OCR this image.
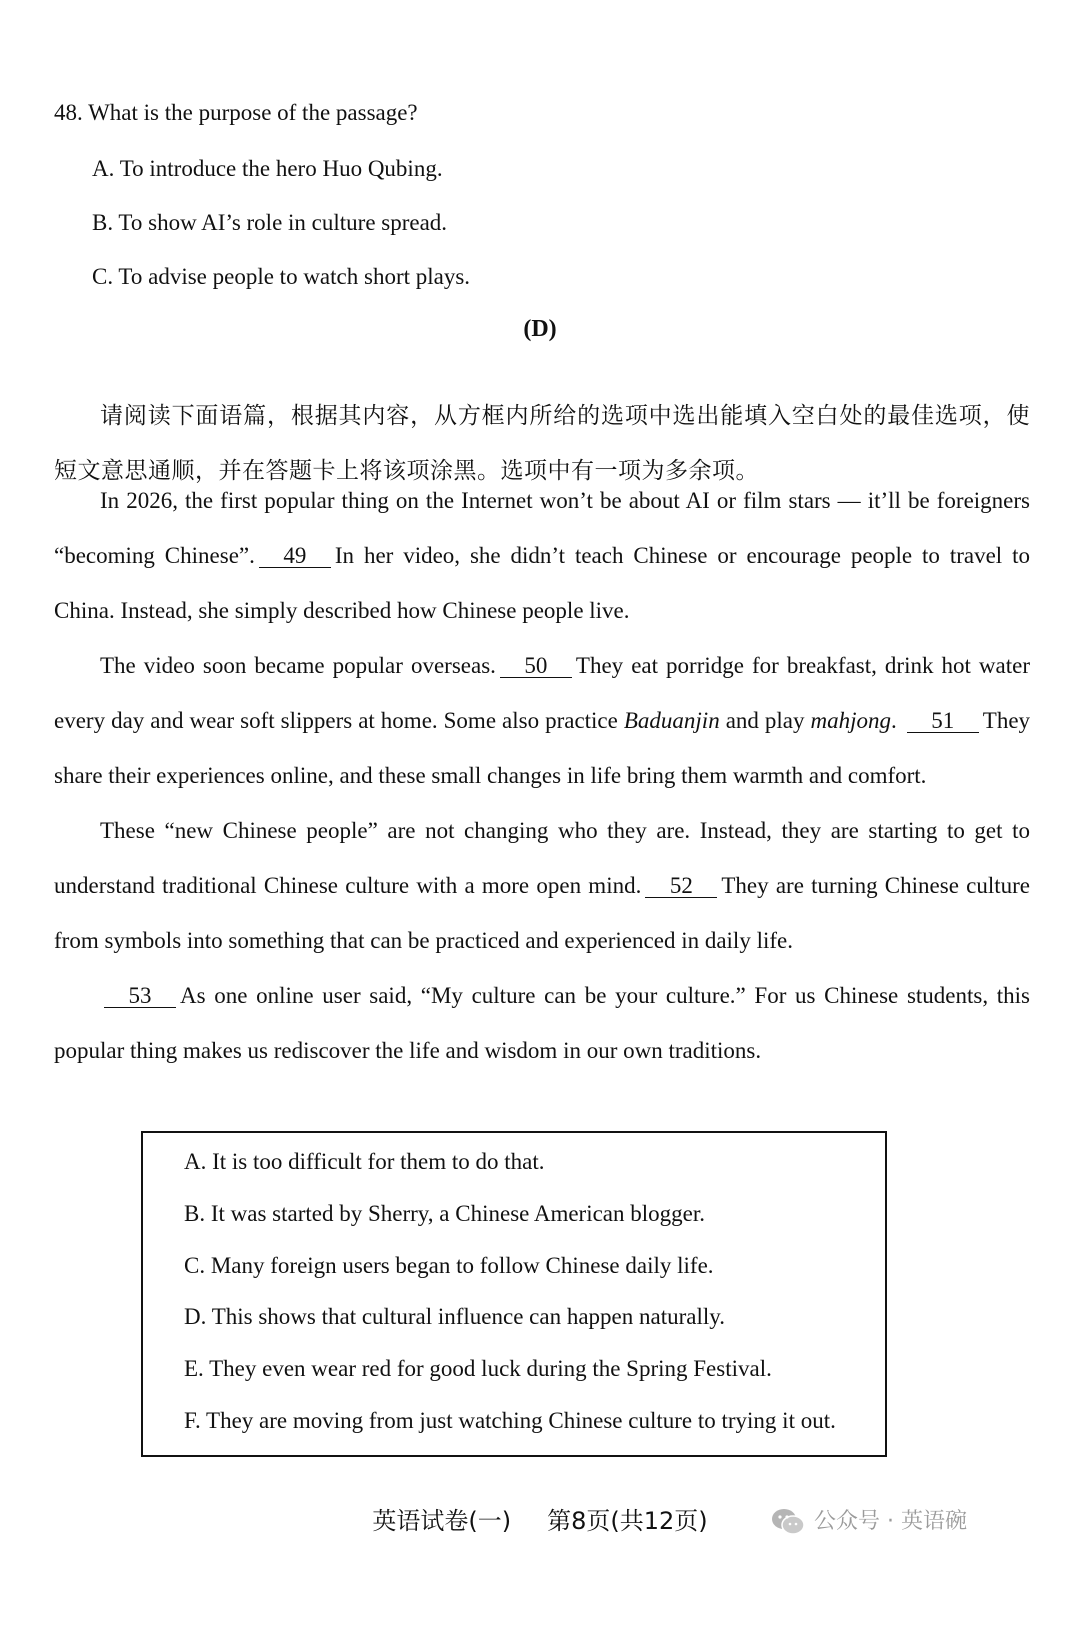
48. What is the purpose of the passage?

A. To introduce the hero Huo Qubing.

B. To show AI’s role in culture spread.

C. To advise people to watch short plays.

(D)

请阅读下面语篇，根据其内容，从方框内所给的选项中选出能填入空白处的最佳选项，使短文意思通顺，并在答题卡上将该项涂黑。选项中有一项为多余项。

In 2026, the first popular thing on the Internet won’t be about AI or film stars — it’ll be foreigners “becoming Chinese”. 49 In her video, she didn’t teach Chinese or encourage people to travel to China. Instead, she simply described how Chinese people live.

The video soon became popular overseas. 50 They eat porridge for breakfast, drink hot water every day and wear soft slippers at home. Some also practice Baduanjin and play mahjong. 51 They share their experiences online, and these small changes in life bring them warmth and comfort.

These “new Chinese people” are not changing who they are. Instead, they are starting to get to understand traditional Chinese culture with a more open mind. 52 They are turning Chinese culture from symbols into something that can be practiced and experienced in daily life.

53 As one online user said, “My culture can be your culture.” For us Chinese students, this popular thing makes us rediscover the life and wisdom in our own traditions.

A. It is too difficult for them to do that.

B. It was started by Sherry, a Chinese American blogger.

C. Many foreign users began to follow Chinese daily life.

D. This shows that cultural influence can happen naturally.

E. They even wear red for good luck during the Spring Festival.

F. They are moving from just watching Chinese culture to trying it out.

英语试卷(一) 第8页(共12页)	公众号 · 英语碗
